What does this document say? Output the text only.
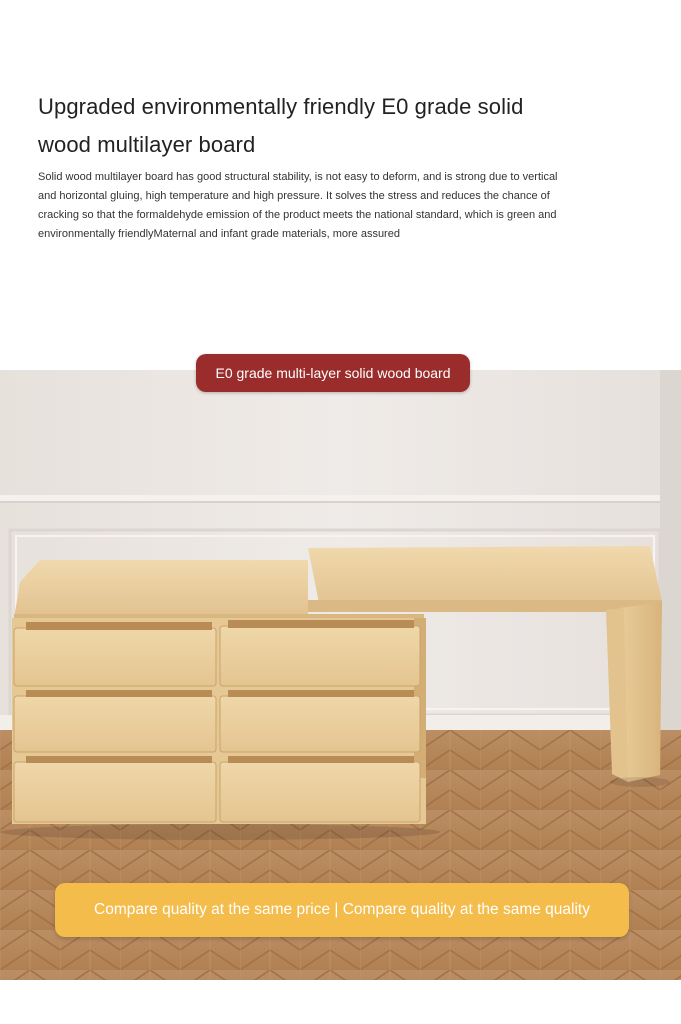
Upgraded environmentally friendly E0 grade solid wood multilayer board

Solid wood multilayer board has good structural stability, is not easy to deform, and is strong due to vertical and horizontal gluing, high temperature and high pressure. It solves the stress and reduces the chance of cracking so that the formaldehyde emission of the product meets the national standard, which is green and environmentally friendlyMaternal and infant grade materials, more assured

E0 grade multi-layer solid wood board
Compare quality at the same price | Compare quality at the same quality
